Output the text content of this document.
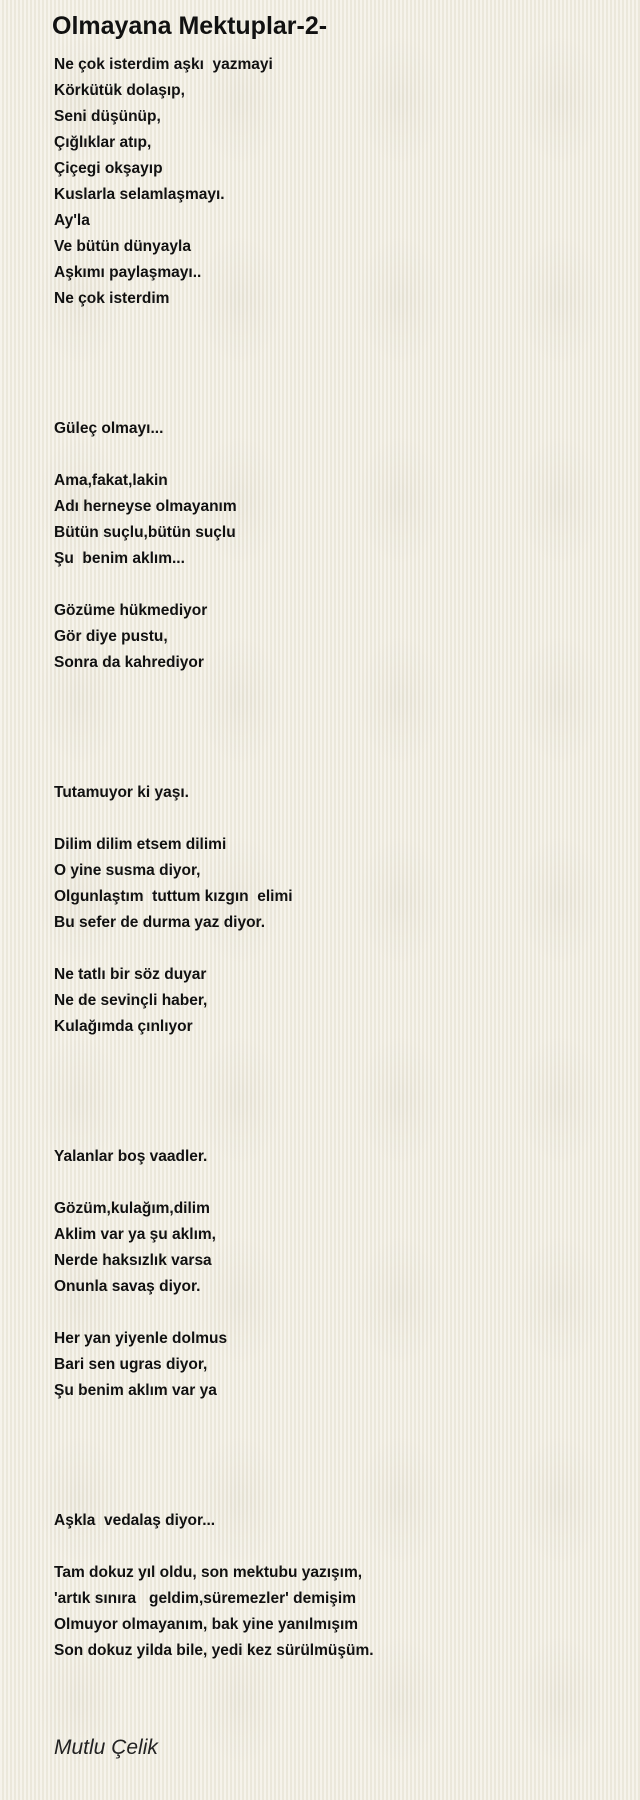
Olmayana Mektuplar-2-
Ne çok isterdim aşkı  yazmayi
Körkütük dolaşıp,
Seni düşünüp,
Çığlıklar atıp,
Çiçegi okşayıp
Kuslarla selamlaşmayı.
Ay'la
Ve bütün dünyayla
Aşkımı paylaşmayı..
Ne çok isterdim

Güleç olmayı...

Ama,fakat,lakin
Adı herneyse olmayanım
Bütün suçlu,bütün suçlu
Şu  benim aklım...

Gözüme hükmediyor
Gör diye pustu,
Sonra da kahrediyor

Tutamuyor ki yaşı.

Dilim dilim etsem dilimi
O yine susma diyor,
Olgunlaştım  tuttum kızgın  elimi
Bu sefer de durma yaz diyor.

Ne tatlı bir söz duyar
Ne de sevinçli haber,
Kulağımda çınlıyor

Yalanlar boş vaadler.

Gözüm,kulağım,dilim
Aklim var ya şu aklım,
Nerde haksızlık varsa
Onunla savaş diyor.

Her yan yiyenle dolmus
Bari sen ugras diyor,
Şu benim aklım var ya

Aşkla  vedalaş diyor...

Tam dokuz yıl oldu, son mektubu yazışım,
'artık sınıra   geldim,süremezler' demişim
Olmuyor olmayanım, bak yine yanılmışım
Son dokuz yilda bile, yedi kez sürülmüşüm.
Mutlu Çelik
